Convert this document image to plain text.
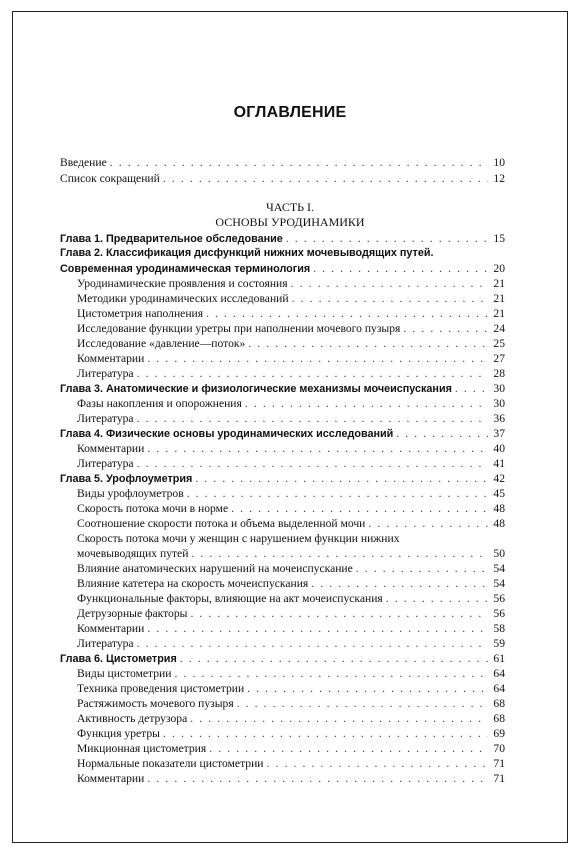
ОГЛАВЛЕНИЕ
Введение . . .	10
Список сокращений . . .	12
ЧАСТЬ I.
ОСНОВЫ УРОДИНАМИКИ
Глава 1. Предварительное обследование . . .	15
Глава 2. Классификация дисфункций нижних мочевыводящих путей.
Современная уродинамическая терминология . . .	20
Уродинамические проявления и состояния . . .	21
Методики уродинамических исследований . . .	21
Цистометрия наполнения . . .	21
Исследование функции уретры при наполнении мочевого пузыря . . .	24
Исследование «давление—поток» . . .	25
Комментарии . . .	27
Литература . . .	28
Глава 3. Анатомические и физиологические механизмы мочеиспускания . . .	30
Фазы накопления и опорожнения . . .	30
Литература . . .	36
Глава 4. Физические основы уродинамических исследований . . .	37
Комментарии . . .	40
Литература . . .	41
Глава 5. Урофлоуметрия . . .	42
Виды урофлоуметров . . .	45
Скорость потока мочи в норме . . .	48
Соотношение скорости потока и объема выделенной мочи . . .	48
Скорость потока мочи у женщин с нарушением функции нижних
мочевыводящих путей . . .	50
Влияние анатомических нарушений на мочеиспускание . . .	54
Влияние катетера на скорость мочеиспускания . . .	54
Функциональные факторы, влияющие на акт мочеиспускания . . .	56
Детрузорные факторы . . .	56
Комментарии . . .	58
Литература . . .	59
Глава 6. Цистометрия . . .	61
Виды цистометрии . . .	64
Техника проведения цистометрии . . .	64
Растяжимость мочевого пузыря . . .	68
Активность детрузора . . .	68
Функция уретры . . .	69
Микционная цистометрия . . .	70
Нормальные показатели цистометрии . . .	71
Комментарии . . .	71
